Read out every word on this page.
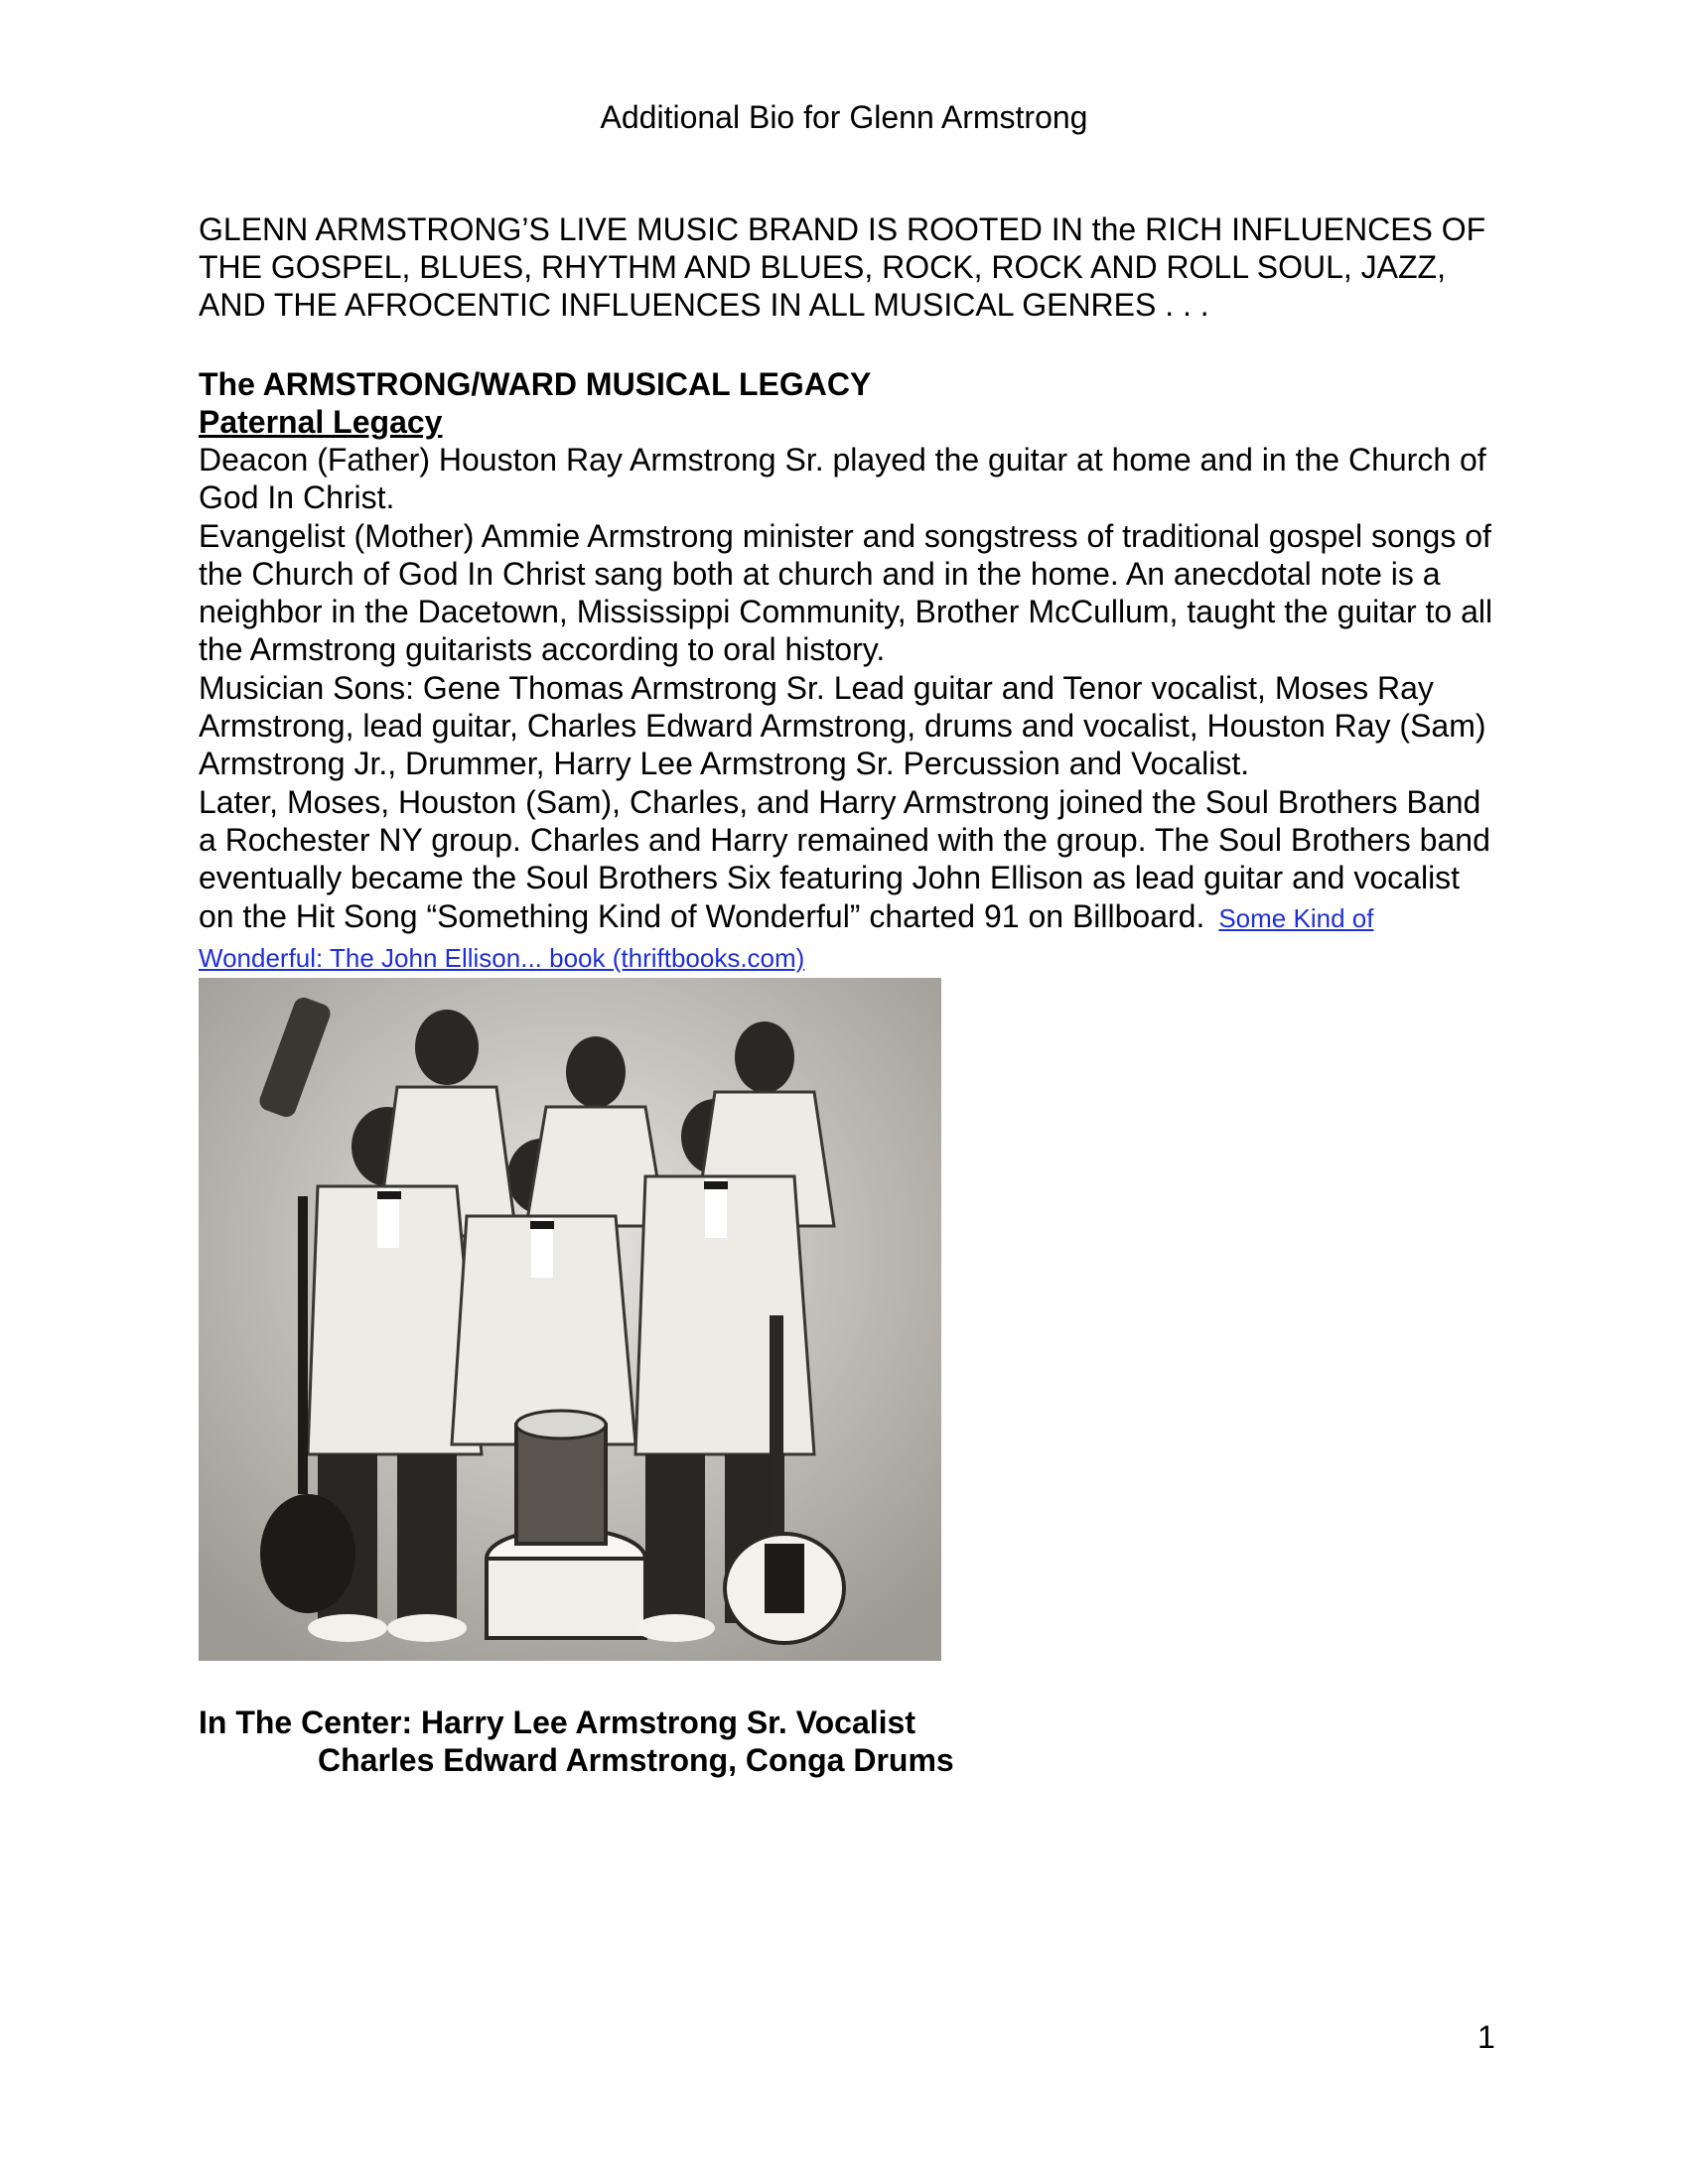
Additional Bio for Glenn Armstrong
GLENN ARMSTRONG’S LIVE MUSIC BRAND IS ROOTED IN the RICH INFLUENCES OF THE GOSPEL, BLUES, RHYTHM AND BLUES, ROCK, ROCK AND ROLL SOUL, JAZZ, AND THE AFROCENTIC INFLUENCES IN ALL MUSICAL GENRES . . .
The ARMSTRONG/WARD MUSICAL LEGACY
Paternal Legacy

Deacon (Father) Houston Ray Armstrong Sr. played the guitar at home and in the Church of God In Christ.

Evangelist (Mother) Ammie Armstrong minister and songstress of traditional gospel songs of the Church of God In Christ sang both at church and in the home. An anecdotal note is a neighbor in the Dacetown, Mississippi Community, Brother McCullum, taught the guitar to all the Armstrong guitarists according to oral history.

Musician Sons: Gene Thomas Armstrong Sr. Lead guitar and Tenor vocalist, Moses Ray Armstrong, lead guitar, Charles Edward Armstrong, drums and vocalist, Houston Ray (Sam) Armstrong Jr., Drummer, Harry Lee Armstrong Sr. Percussion and Vocalist.

Later, Moses, Houston (Sam), Charles, and Harry Armstrong joined the Soul Brothers Band a Rochester NY group. Charles and Harry remained with the group. The Soul Brothers band eventually became the Soul Brothers Six featuring John Ellison as lead guitar and vocalist on the Hit Song “Something Kind of Wonderful” charted 91 on Billboard. Some Kind of Wonderful: The John Ellison... book (thriftbooks.com)

In The Center: Harry Lee Armstrong Sr. Vocalist
Charles Edward Armstrong, Conga Drums
1
